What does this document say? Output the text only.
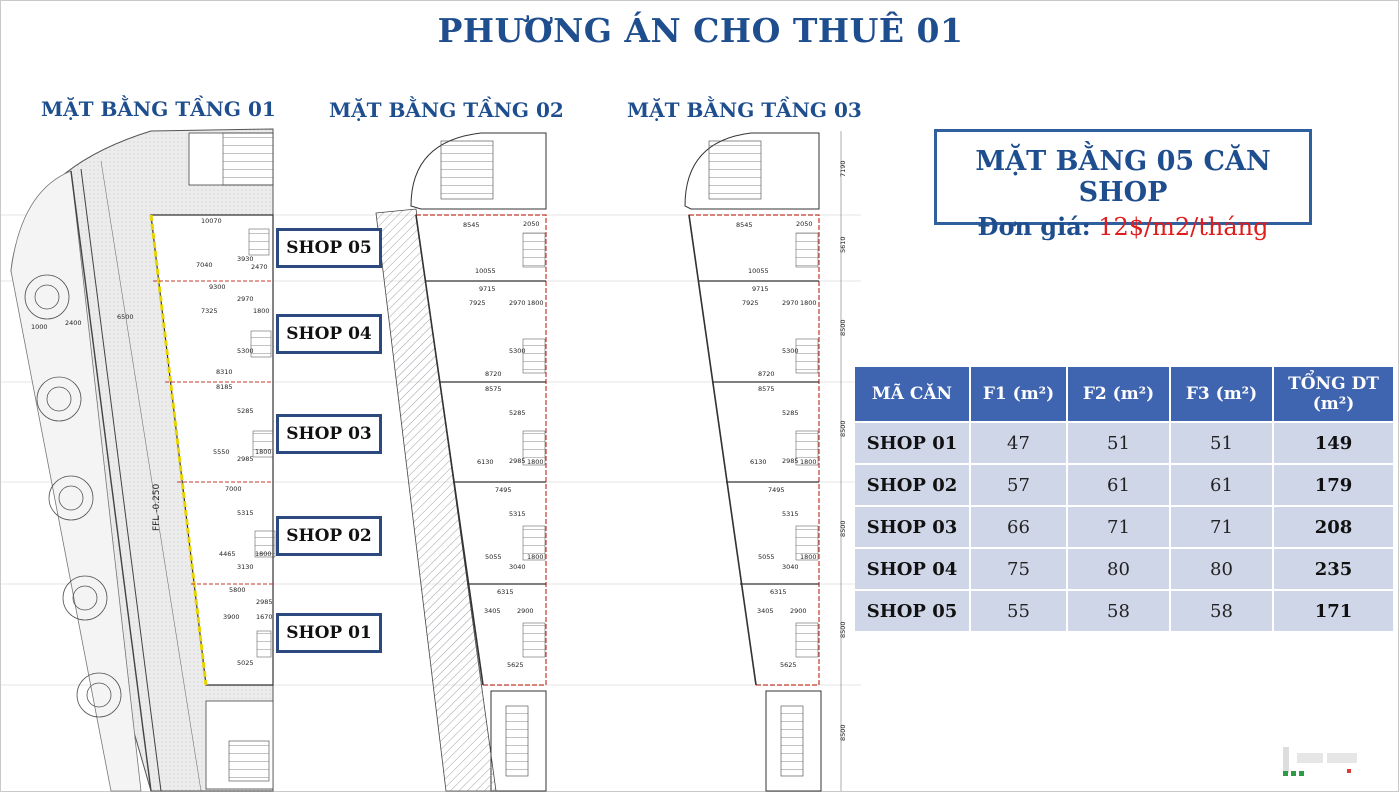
PHƯƠNG ÁN CHO THUÊ 01
MẶT BẰNG TẦNG 01	MẶT BẰNG TẦNG 02	MẶT BẰNG TẦNG 03
10070
7040
3930
2470
9300
7325
2970
1800
5300
8310
8185
5285
5550
2985
1800
7000
5315
4465	1800
3130
5800
3900
2985
1670
5025
6500
2400
1000
FFL -0.250
8545	2050
10055
9715
7925	2970 1800
5300
8720
8575
5285
6130 2985 1800
7495
5315
5055	1800
3040
6315
3405	2900
5625
8545	2050
10055
9715
7925	2970 1800
5300
8720
8575
5285
6130 2985 1800
7495
5315
5055	1800
3040
6315
3405	2900
5625
7190
5610
8500
8500
8500
8500
8500
SHOP 05
SHOP 04
SHOP 03
SHOP 02
SHOP 01
MẶT BẰNG 05 CĂN SHOP
Đơn giá: 12$/m2/tháng
MÃ CĂN	F1 (m²)	F2 (m²)	F3 (m²)	TỔNG DT
(m²)

SHOP 01	47	51	51	149
SHOP 02	57	61	61	179
SHOP 03	66	71	71	208
SHOP 04	75	80	80	235
SHOP 05	55	58	58	171
